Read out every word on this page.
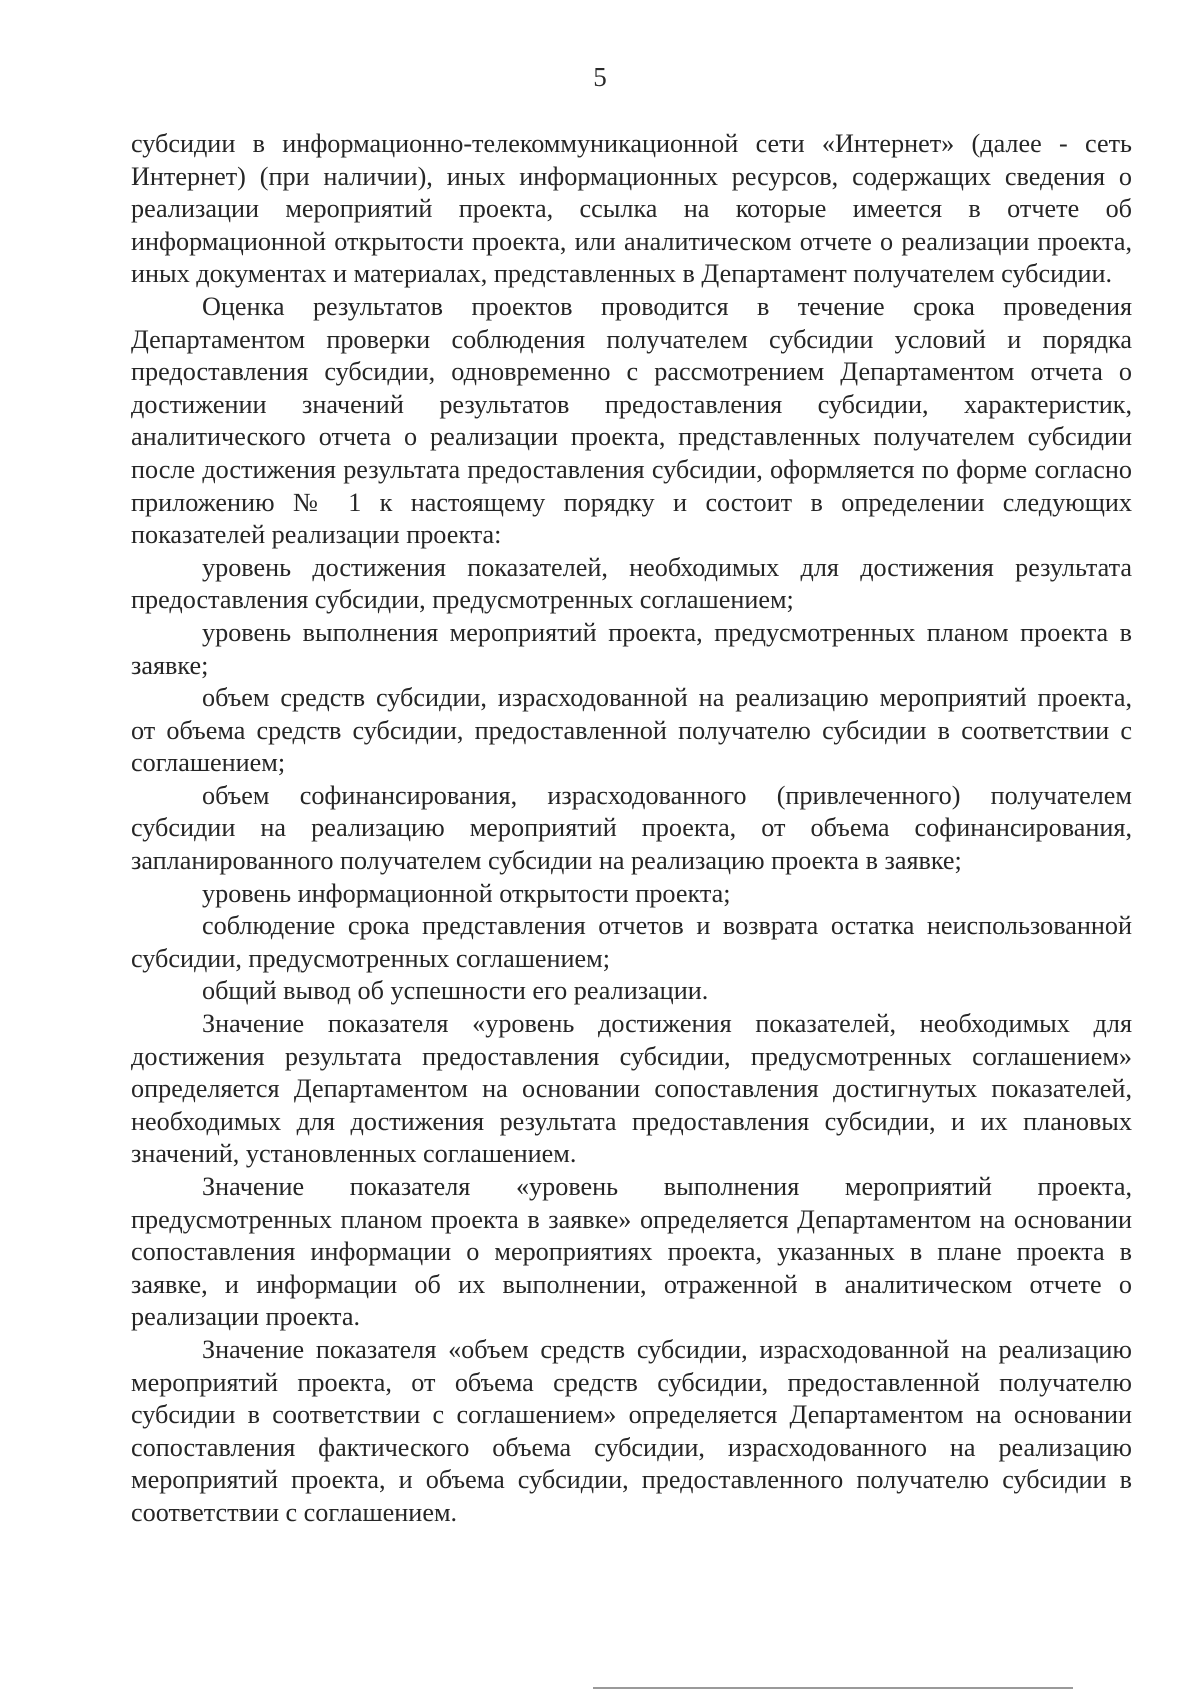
5

субсидии в информационно-телекоммуникационной сети «Интернет» (далее - сеть Интернет) (при наличии), иных информационных ресурсов, содержащих сведения о реализации мероприятий проекта, ссылка на которые имеется в отчете об информационной открытости проекта, или аналитическом отчете о реализации проекта, иных документах и материалах, представленных в Департамент получателем субсидии.

Оценка результатов проектов проводится в течение срока проведения Департаментом проверки соблюдения получателем субсидии условий и порядка предоставления субсидии, одновременно с рассмотрением Департаментом отчета о достижении значений результатов предоставления субсидии, характеристик, аналитического отчета о реализации проекта, представленных получателем субсидии после достижения результата предоставления субсидии, оформляется по форме согласно приложению № 1 к настоящему порядку и состоит в определении следующих показателей реализации проекта:

уровень достижения показателей, необходимых для достижения результата предоставления субсидии, предусмотренных соглашением;

уровень выполнения мероприятий проекта, предусмотренных планом проекта в заявке;

объем средств субсидии, израсходованной на реализацию мероприятий проекта, от объема средств субсидии, предоставленной получателю субсидии в соответствии с соглашением;

объем софинансирования, израсходованного (привлеченного) получателем субсидии на реализацию мероприятий проекта, от объема софинансирования, запланированного получателем субсидии на реализацию проекта в заявке;

уровень информационной открытости проекта;

соблюдение срока представления отчетов и возврата остатка неиспользованной субсидии, предусмотренных соглашением;

общий вывод об успешности его реализации.

Значение показателя «уровень достижения показателей, необходимых для достижения результата предоставления субсидии, предусмотренных соглашением» определяется Департаментом на основании сопоставления достигнутых показателей, необходимых для достижения результата предоставления субсидии, и их плановых значений, установленных соглашением.

Значение показателя «уровень выполнения мероприятий проекта, предусмотренных планом проекта в заявке» определяется Департаментом на основании сопоставления информации о мероприятиях проекта, указанных в плане проекта в заявке, и информации об их выполнении, отраженной в аналитическом отчете о реализации проекта.

Значение показателя «объем средств субсидии, израсходованной на реализацию мероприятий проекта, от объема средств субсидии, предоставленной получателю субсидии в соответствии с соглашением» определяется Департаментом на основании сопоставления фактического объема субсидии, израсходованного на реализацию мероприятий проекта, и объема субсидии, предоставленного получателю субсидии в соответствии с соглашением.
